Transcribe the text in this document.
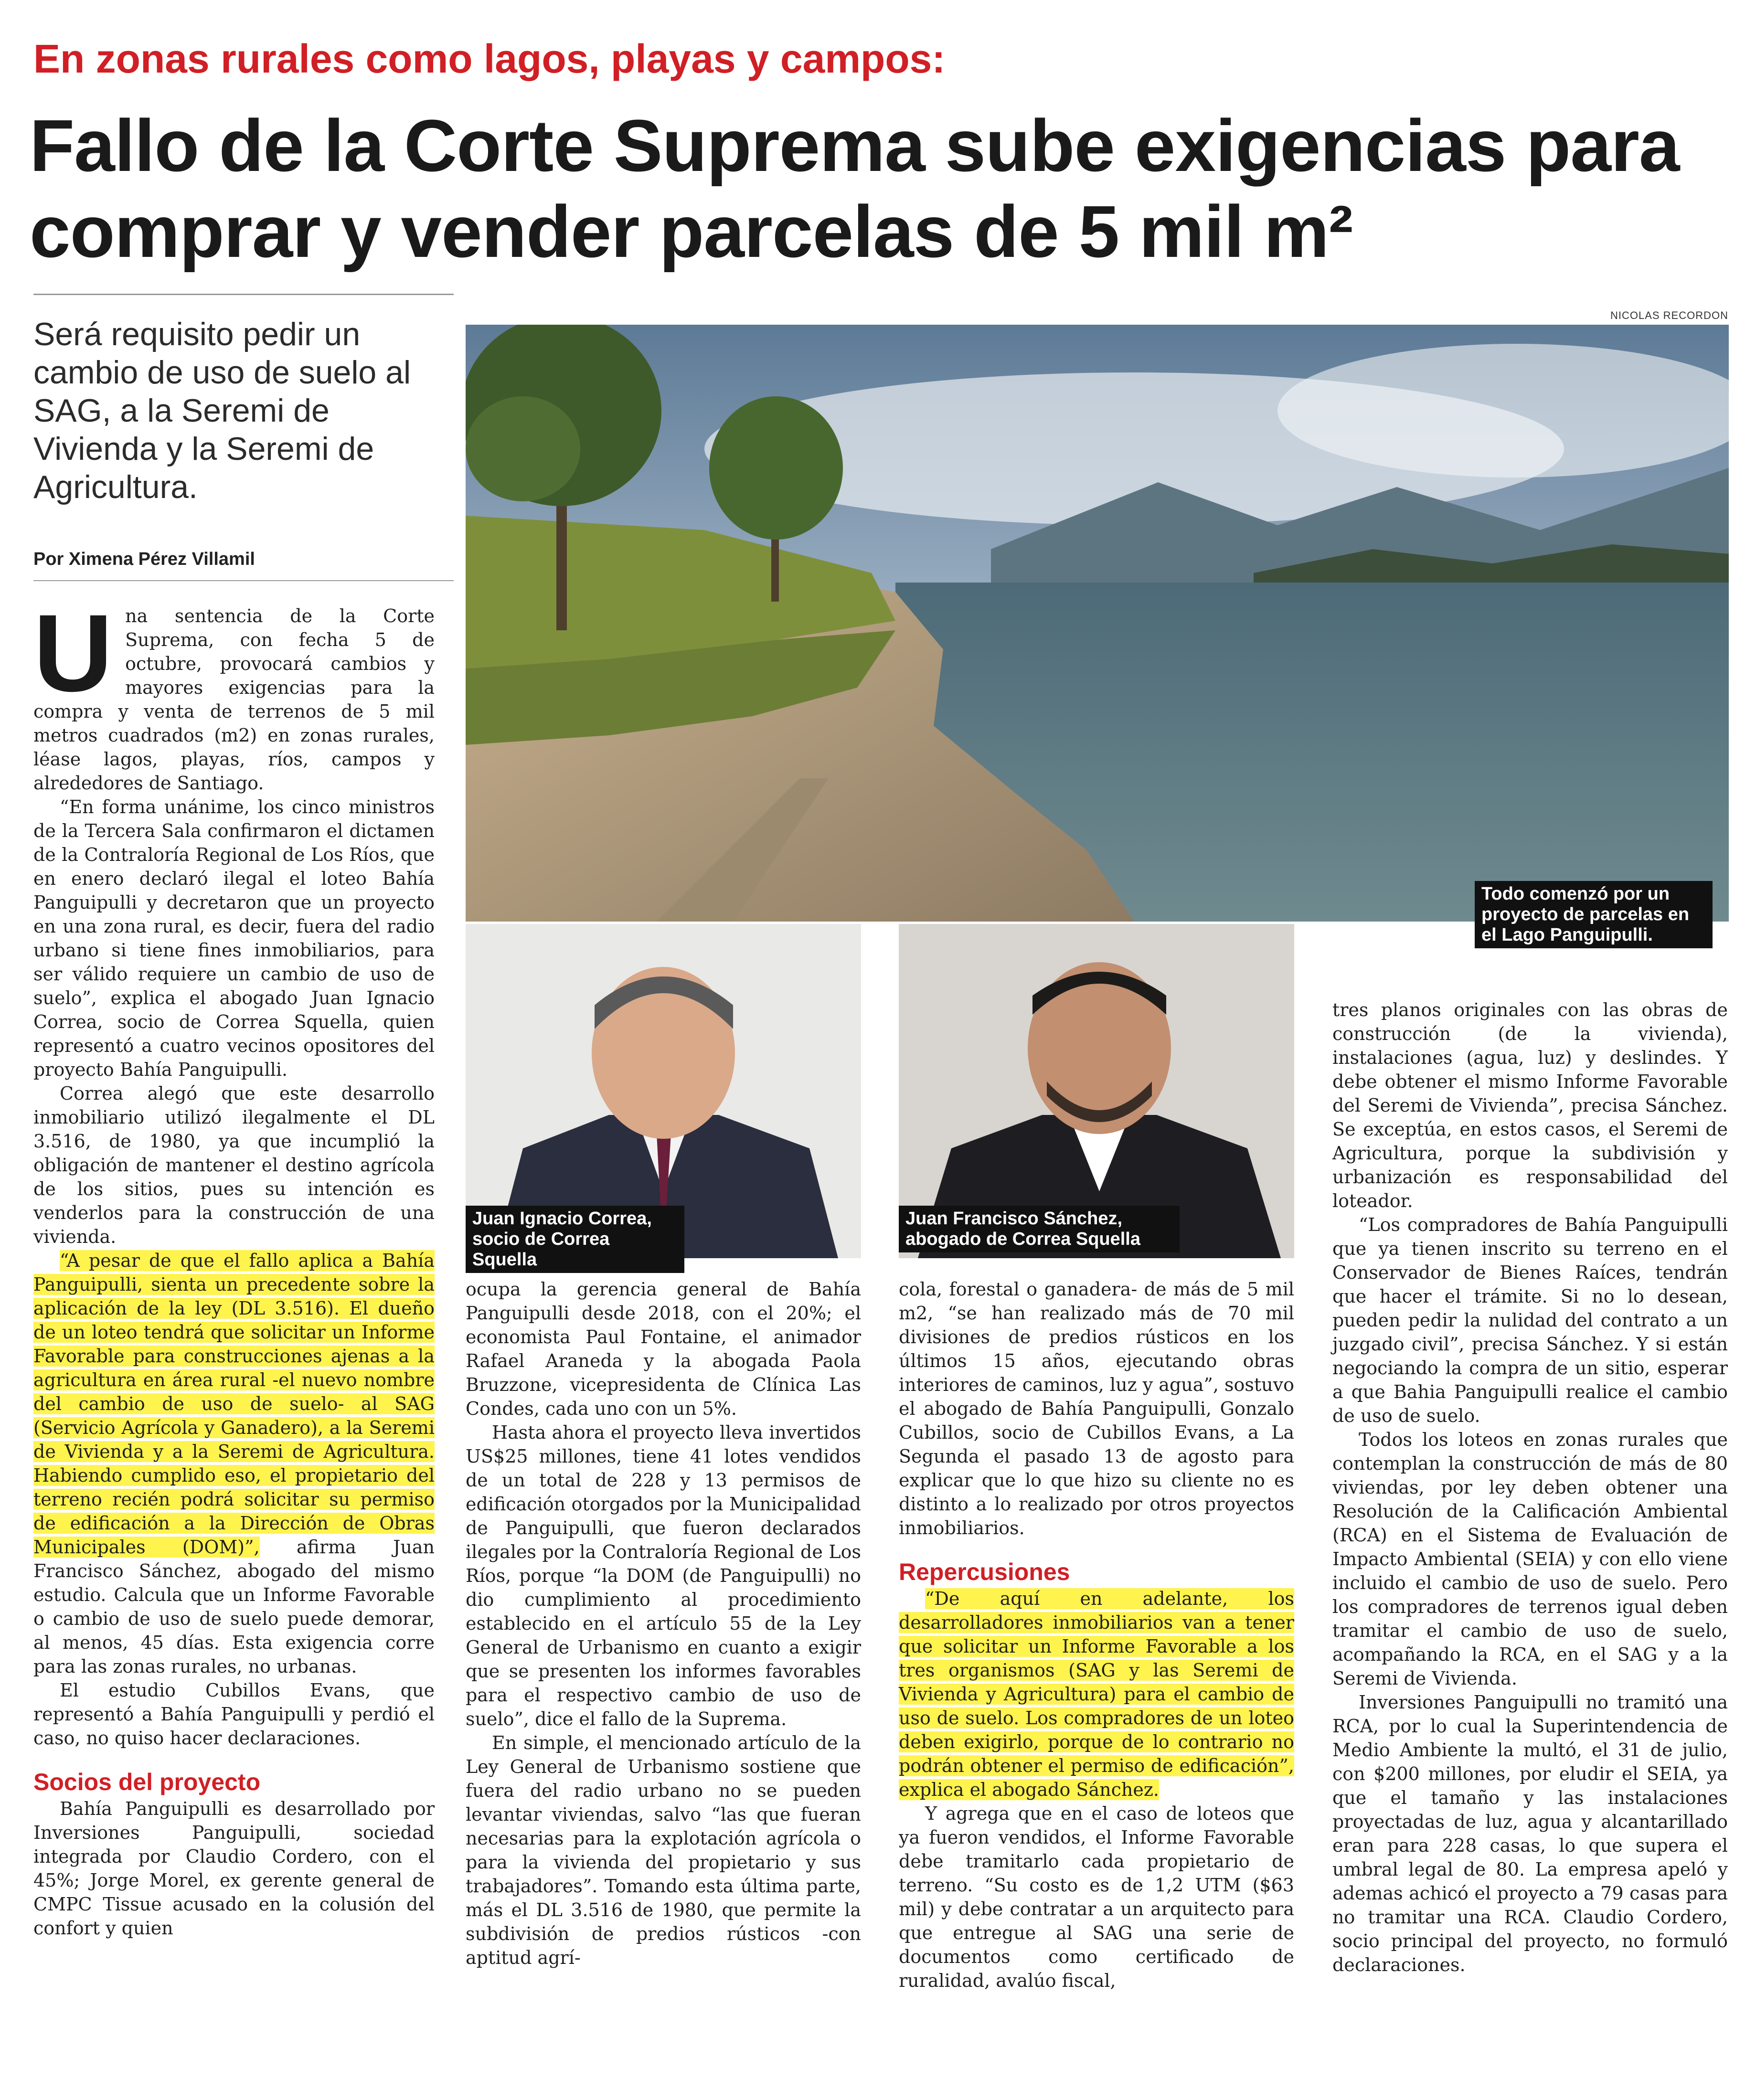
En zonas rurales como lagos, playas y campos:
Fallo de la Corte Suprema sube exigencias para comprar y vender parcelas de 5 mil m²
Será requisito pedir un cambio de uso de suelo al SAG, a la Seremi de Vivienda y la Seremi de Agricultura.
Por Ximena Pérez Villamil
NICOLAS RECORDON
Todo comenzó por un proyecto de parcelas en el Lago Panguipulli.
Juan Ignacio Correa, socio de Correa Squella
Juan Francisco Sánchez, abogado de Correa Squella

Una sentencia de la Corte Suprema, con fecha 5 de octubre, provocará cambios y mayores exigencias para la compra y venta de terrenos de 5 mil metros cuadrados (m2) en zonas rurales, léase lagos, playas, ríos, campos y alrededores de Santiago.

“En forma unánime, los cinco ministros de la Tercera Sala confirmaron el dictamen de la Contraloría Regional de Los Ríos, que en enero declaró ilegal el loteo Bahía Panguipulli y decretaron que un proyecto en una zona rural, es decir, fuera del radio urbano si tiene fines inmobiliarios, para ser válido requiere un cambio de uso de suelo”, explica el abogado Juan Ignacio Correa, socio de Correa Squella, quien representó a cuatro vecinos opositores del proyecto Bahía Panguipulli.

Correa alegó que este desarrollo inmobiliario utilizó ilegalmente el DL 3.516, de 1980, ya que incumplió la obligación de mantener el destino agrícola de los sitios, pues su intención es venderlos para la construcción de una vivienda.

“A pesar de que el fallo aplica a Bahía Panguipulli, sienta un precedente sobre la aplicación de la ley (DL 3.516). El dueño de un loteo tendrá que solicitar un Informe Favorable para construcciones ajenas a la agricultura en área rural -el nuevo nombre del cambio de uso de suelo- al SAG (Servicio Agrícola y Ganadero), a la Seremi de Vivienda y a la Seremi de Agricultura. Habiendo cumplido eso, el propietario del terreno recién podrá solicitar su permiso de edificación a la Dirección de Obras Municipales (DOM)”, afirma Juan Francisco Sánchez, abogado del mismo estudio. Calcula que un Informe Favorable o cambio de uso de suelo puede demorar, al menos, 45 días. Esta exigencia corre para las zonas rurales, no urbanas.

El estudio Cubillos Evans, que representó a Bahía Panguipulli y perdió el caso, no quiso hacer declaraciones.

Socios del proyecto

Bahía Panguipulli es desarrollado por Inversiones Panguipulli, sociedad integrada por Claudio Cordero, con el 45%; Jorge Morel, ex gerente general de CMPC Tissue acusado en la colusión del confort y quien

ocupa la gerencia general de Bahía Panguipulli desde 2018, con el 20%; el economista Paul Fontaine, el animador Rafael Araneda y la abogada Paola Bruzzone, vicepresidenta de Clínica Las Condes, cada uno con un 5%.

Hasta ahora el proyecto lleva invertidos US$25 millones, tiene 41 lotes vendidos de un total de 228 y 13 permisos de edificación otorgados por la Municipalidad de Panguipulli, que fueron declarados ilegales por la Contraloría Regional de Los Ríos, porque “la DOM (de Panguipulli) no dio cumplimiento al procedimiento establecido en el artículo 55 de la Ley General de Urbanismo en cuanto a exigir que se presenten los informes favorables para el respectivo cambio de uso de suelo”, dice el fallo de la Suprema.

En simple, el mencionado artículo de la Ley General de Urbanismo sostiene que fuera del radio urbano no se pueden levantar viviendas, salvo “las que fueran necesarias para la explotación agrícola o para la vivienda del propietario y sus trabajadores”. Tomando esta última parte, más el DL 3.516 de 1980, que permite la subdivisión de predios rústicos -con aptitud agrí-

cola, forestal o ganadera- de más de 5 mil m2, “se han realizado más de 70 mil divisiones de predios rústicos en los últimos 15 años, ejecutando obras interiores de caminos, luz y agua”, sostuvo el abogado de Bahía Panguipulli, Gonzalo Cubillos, socio de Cubillos Evans, a La Segunda el pasado 13 de agosto para explicar que lo que hizo su cliente no es distinto a lo realizado por otros proyectos inmobiliarios.

Repercusiones

“De aquí en adelante, los desarrolladores inmobiliarios van a tener que solicitar un Informe Favorable a los tres organismos (SAG y las Seremi de Vivienda y Agricultura) para el cambio de uso de suelo. Los compradores de un loteo deben exigirlo, porque de lo contrario no podrán obtener el permiso de edificación”, explica el abogado Sánchez.

Y agrega que en el caso de loteos que ya fueron vendidos, el Informe Favorable debe tramitarlo cada propietario de terreno. “Su costo es de 1,2 UTM ($63 mil) y debe contratar a un arquitecto para que entregue al SAG una serie de documentos como certificado de ruralidad, avalúo fiscal,

tres planos originales con las obras de construcción (de la vivienda), instalaciones (agua, luz) y deslindes. Y debe obtener el mismo Informe Favorable del Seremi de Vivienda”, precisa Sánchez. Se exceptúa, en estos casos, el Seremi de Agricultura, porque la subdivisión y urbanización es responsabilidad del loteador.

“Los compradores de Bahía Panguipulli que ya tienen inscrito su terreno en el Conservador de Bienes Raíces, tendrán que hacer el trámite. Si no lo desean, pueden pedir la nulidad del contrato a un juzgado civil”, precisa Sánchez. Y si están negociando la compra de un sitio, esperar a que Bahia Panguipulli realice el cambio de uso de suelo.

Todos los loteos en zonas rurales que contemplan la construcción de más de 80 viviendas, por ley deben obtener una Resolución de la Calificación Ambiental (RCA) en el Sistema de Evaluación de Impacto Ambiental (SEIA) y con ello viene incluido el cambio de uso de suelo. Pero los compradores de terrenos igual deben tramitar el cambio de uso de suelo, acompañando la RCA, en el SAG y a la Seremi de Vivienda.

Inversiones Panguipulli no tramitó una RCA, por lo cual la Superintendencia de Medio Ambiente la multó, el 31 de julio, con $200 millones, por eludir el SEIA, ya que el tamaño y las instalaciones proyectadas de luz, agua y alcantarillado eran para 228 casas, lo que supera el umbral legal de 80. La empresa apeló y ademas achicó el proyecto a 79 casas para no tramitar una RCA. Claudio Cordero, socio principal del proyecto, no formuló declaraciones.
